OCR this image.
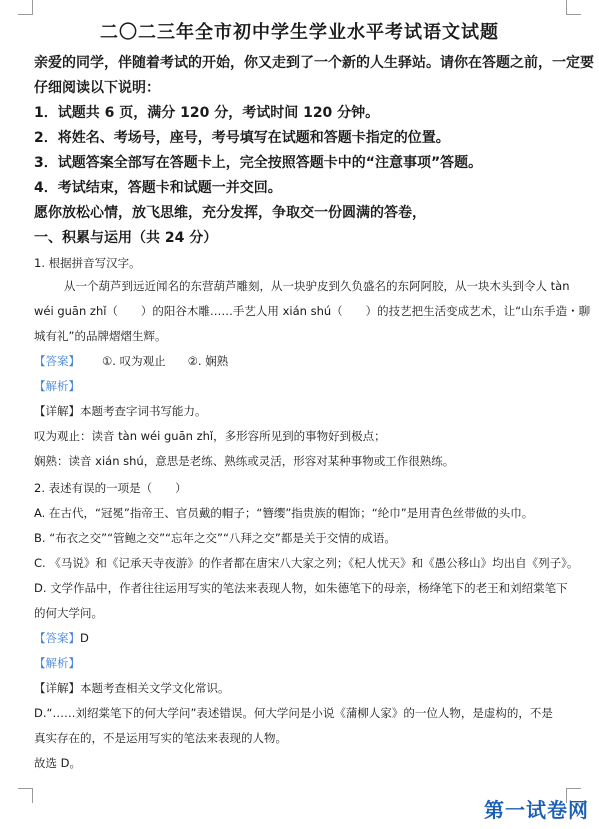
二〇二三年全市初中学生学业水平考试语文试题
亲爱的同学，伴随着考试的开始，你又走到了一个新的人生驿站。请你在答题之前，一定要
仔细阅读以下说明：
1．试题共 6 页，满分 120 分，考试时间 120 分钟。
2．将姓名、考场号，座号，考号填写在试题和答题卡指定的位置。
3．试题答案全部写在答题卡上，完全按照答题卡中的“注意事项”答题。
4．考试结束，答题卡和试题一并交回。
愿你放松心情，放飞思维，充分发挥，争取交一份圆满的答卷，
一、积累与运用（共 24 分）
1. 根据拼音写汉字。
从一个葫芦到远近闻名的东营葫芦雕刻，从一块驴皮到久负盛名的东阿阿胶，从一块木头到令人 tàn
wéi guān zhǐ（　　）的阳谷木雕……手艺人用 xián shú（　　）的技艺把生活变成艺术，让“山东手造・聊
城有礼”的品牌熠熠生辉。
【答案】 ①. 叹为观止 ②. 娴熟
【解析】
【详解】本题考查字词书写能力。
叹为观止：读音 tàn wéi guān zhǐ，多形容所见到的事物好到极点；
娴熟：读音 xián shú，意思是老练、熟练或灵活，形容对某种事物或工作很熟练。
2. 表述有误的一项是（　　）
A. 在古代，“冠冕”指帝王、官员戴的帽子；“簪缨”指贵族的帽饰；“纶巾”是用青色丝带做的头巾。
B. “布衣之交”“管鲍之交”“忘年之交”“八拜之交”都是关于交情的成语。
C. 《马说》和《记承天寺夜游》的作者都在唐宋八大家之列；《杞人忧天》和《愚公移山》均出自《列子》。
D. 文学作品中，作者往往运用写实的笔法来表现人物，如朱德笔下的母亲，杨绛笔下的老王和刘绍棠笔下
的何大学问。
【答案】D
【解析】
【详解】本题考查相关文学文化常识。
D.“……刘绍棠笔下的何大学问”表述错误。何大学问是小说《蒲柳人家》的一位人物，是虚构的，不是
真实存在的，不是运用写实的笔法来表现的人物。
故选 D。
第一试卷网
